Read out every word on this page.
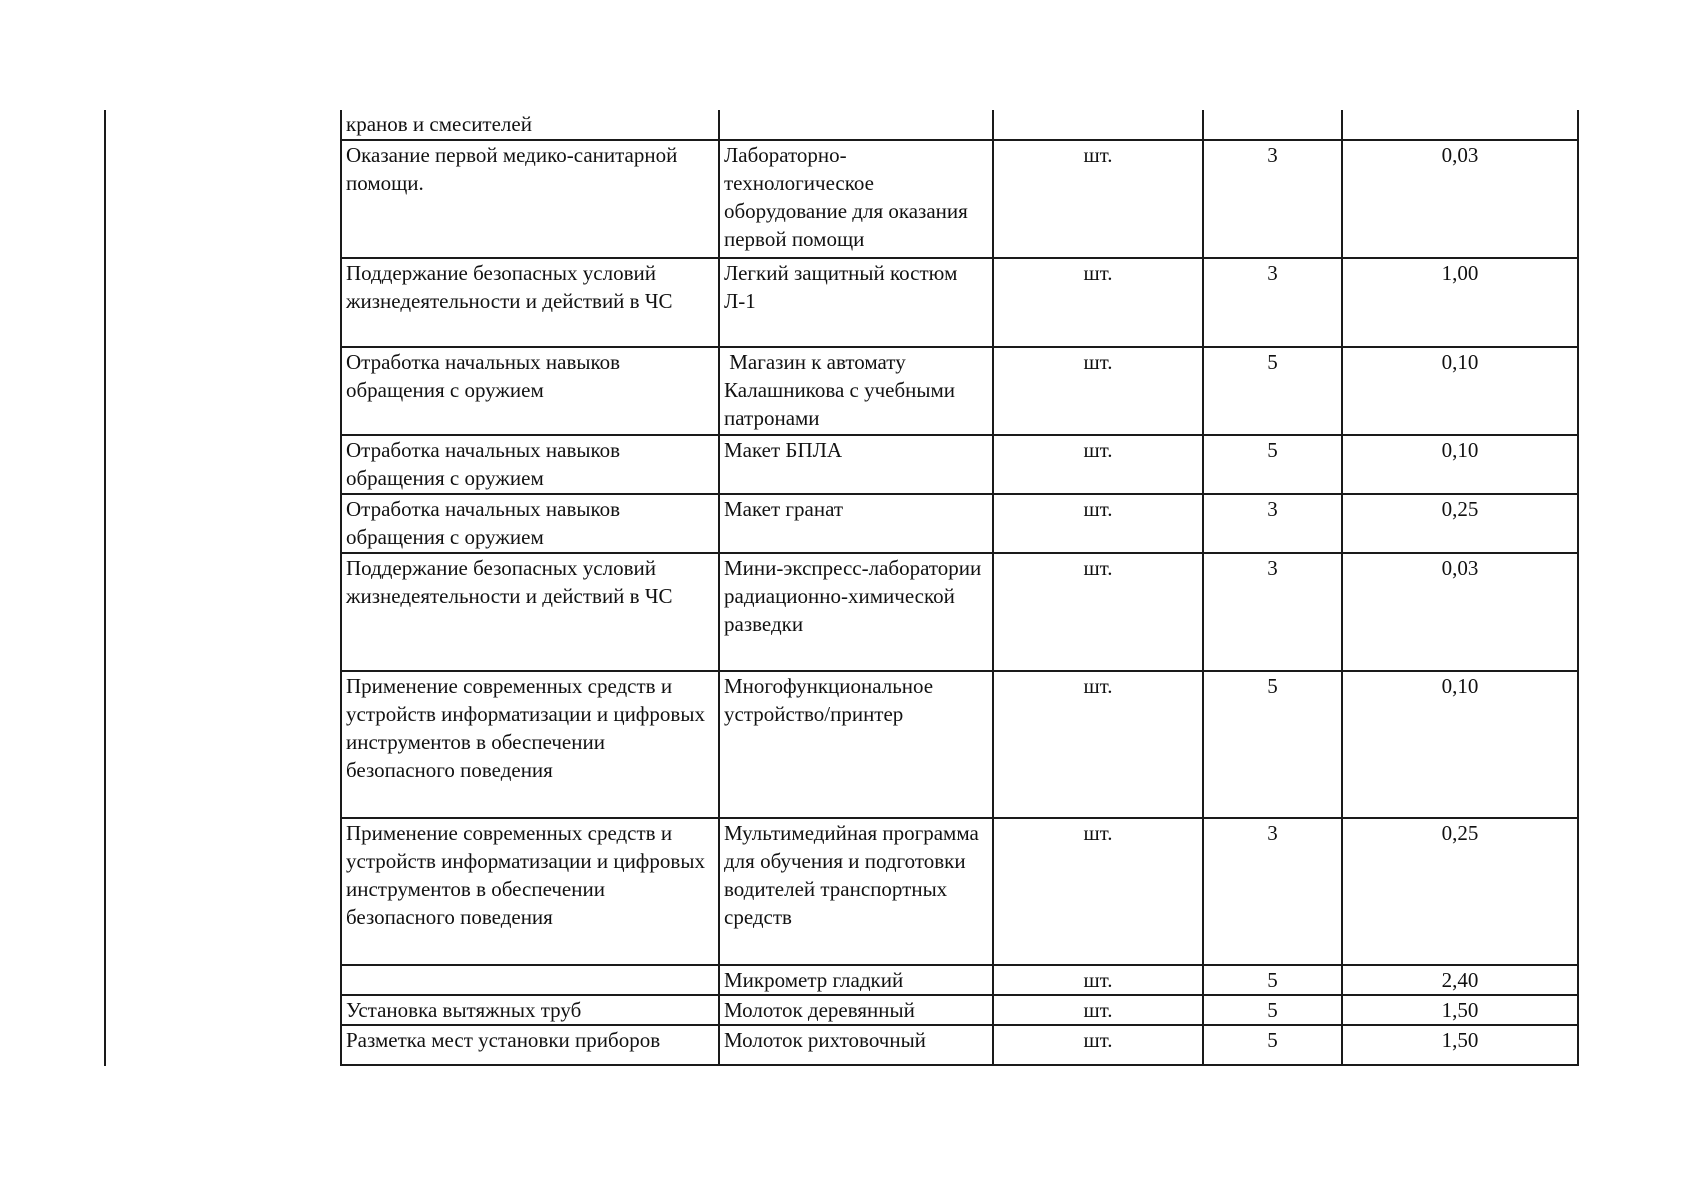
кранов и смесителей				
Оказание первой медико-санитарной помощи.	Лабораторно-технологическое оборудование для оказания первой помощи	шт.	3	0,03
Поддержание безопасных условий жизнедеятельности и действий в ЧС	Легкий защитный костюм Л-1	шт.	3	1,00
Отработка начальных навыков обращения с оружием	Магазин к автомату Калашникова с учебными патронами	шт.	5	0,10
Отработка начальных навыков обращения с оружием	Макет БПЛА	шт.	5	0,10
Отработка начальных навыков обращения с оружием	Макет гранат	шт.	3	0,25
Поддержание безопасных условий жизнедеятельности и действий в ЧС	Мини-экспресс-лаборатории радиационно-химической разведки	шт.	3	0,03
Применение современных средств и устройств информатизации и цифровых инструментов в обеспечении безопасного поведения	Многофункциональное устройство/принтер	шт.	5	0,10
Применение современных средств и устройств информатизации и цифровых инструментов в обеспечении безопасного поведения	Мультимедийная программа для обучения и подготовки водителей транспортных средств	шт.	3	0,25
	Микрометр гладкий	шт.	5	2,40
Установка вытяжных труб	Молоток деревянный	шт.	5	1,50
Разметка мест установки приборов	Молоток рихтовочный	шт.	5	1,50
